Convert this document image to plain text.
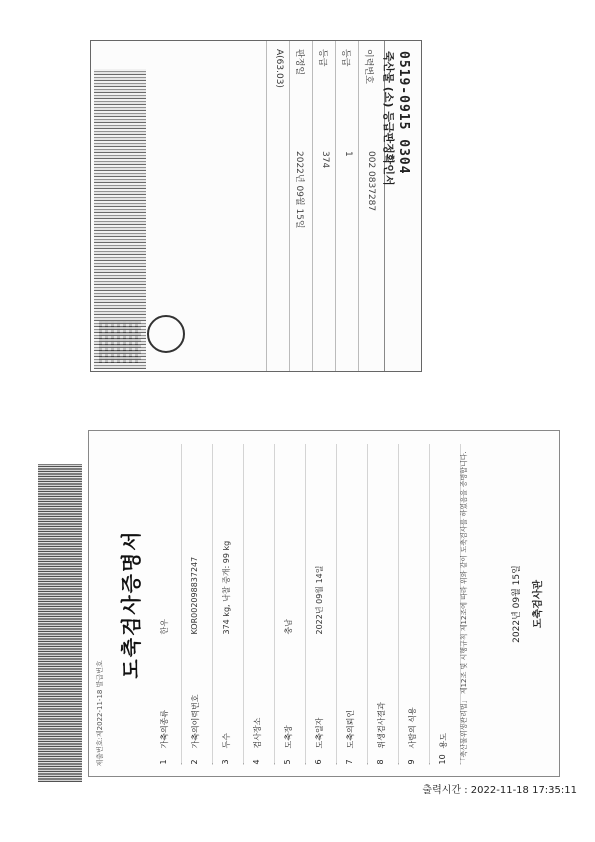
0519-0915 0304
죽산물 (소) 등급판정확인서
이력번호
002 0837287
등급
1
등급
374
판정일
2022년 09월 15일
A(63.03)
제출번호:제2022-11-18 발급번호
도축검사증명서
1
가축의종류
한우
2
가축의이력번호
KOR002098837247
3
두수
374 kg, 낙찰 중개: 99 kg
4
검사장소
5
도축장
충남
6
도축일자
2022년 09월 14일
7
도축의뢰인
8
위생검사결과
9
사람의 식용
10
용도 「축산물위생관리법」 제12조 및 시행규칙 제12조에 따라 위와 같이 도축검사를 하였음을 증명합니다.	2022년 09월 15일	도축검사관
출력시간 : 2022-11-18 17:35:11
